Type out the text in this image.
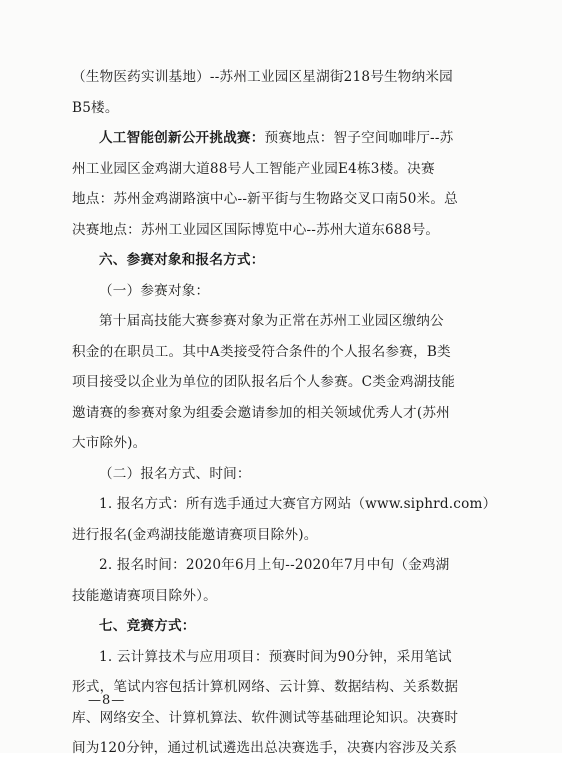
（生物医药实训基地）--苏州工业园区星湖街218号生物纳米园
B5楼。
人工智能创新公开挑战赛：预赛地点：智子空间咖啡厅--苏
州工业园区金鸡湖大道88号人工智能产业园E4栋3楼。决赛
地点：苏州金鸡湖路演中心--新平街与生物路交叉口南50米。总
决赛地点：苏州工业园区国际博览中心--苏州大道东688号。
六、参赛对象和报名方式：
（一）参赛对象：
第十届高技能大赛参赛对象为正常在苏州工业园区缴纳公
积金的在职员工。其中A类接受符合条件的个人报名参赛，B类
项目接受以企业为单位的团队报名后个人参赛。C类金鸡湖技能
邀请赛的参赛对象为组委会邀请参加的相关领域优秀人才(苏州
大市除外)。
（二）报名方式、时间：
1. 报名方式：所有选手通过大赛官方网站（www.siphrd.com）
进行报名(金鸡湖技能邀请赛项目除外)。
2. 报名时间：2020年6月上旬--2020年7月中旬（金鸡湖
技能邀请赛项目除外）。
七、竞赛方式：
1. 云计算技术与应用项目：预赛时间为90分钟，采用笔试
形式，笔试内容包括计算机网络、云计算、数据结构、关系数据
库、网络安全、计算机算法、软件测试等基础理论知识。决赛时
间为120分钟，通过机试遴选出总决赛选手，决赛内容涉及关系
—8—
